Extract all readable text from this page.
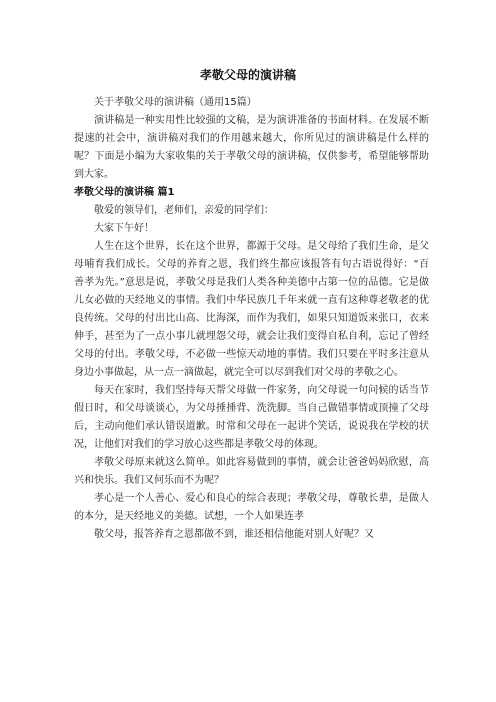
孝敬父母的演讲稿

关于孝敬父母的演讲稿（通用15篇）

演讲稿是一种实用性比较强的文稿，是为演讲准备的书面材料。在发展不断提速的社会中，演讲稿对我们的作用越来越大，你所见过的演讲稿是什么样的呢？下面是小编为大家收集的关于孝敬父母的演讲稿，仅供参考，希望能够帮助到大家。

孝敬父母的演讲稿 篇1

敬爱的领导们，老师们，亲爱的同学们：

大家下午好！

人生在这个世界，长在这个世界，都源于父母。是父母给了我们生命，是父母哺育我们成长。父母的养育之恩，我们终生都应该报答有句古语说得好：“百善孝为先。”意思是说，孝敬父母是我们人类各种美德中占第一位的品德。它是做儿女必做的天经地义的事情。我们中华民族几千年来就一直有这种尊老敬老的优良传统。父母的付出比山高、比海深，而作为我们，如果只知道饭来张口，衣来伸手，甚至为了一点小事儿就埋怨父母，就会让我们变得自私自利，忘记了曾经父母的付出。孝敬父母，不必做一些惊天动地的事情。我们只要在平时多注意从身边小事做起，从一点一滴做起，就完全可以尽到我们对父母的孝敬之心。

每天在家时，我们坚持每天帮父母做一件家务，向父母说一句问候的话当节假日时，和父母谈谈心，为父母捶捶背、洗洗脚。当自己做错事情或顶撞了父母后，主动向他们承认错误道歉。时常和父母在一起讲个笑话，说说我在学校的状况，让他们对我们的学习放心这些都是孝敬父母的体现。

孝敬父母原来就这么简单。如此容易做到的事情，就会让爸爸妈妈欣慰，高兴和快乐。我们又何乐而不为呢？

孝心是一个人善心、爱心和良心的综合表现；孝敬父母，尊敬长辈，是做人的本分，是天经地义的美德。试想，一个人如果连孝

敬父母，报答养育之恩都做不到，谁还相信他能对别人好呢？又
